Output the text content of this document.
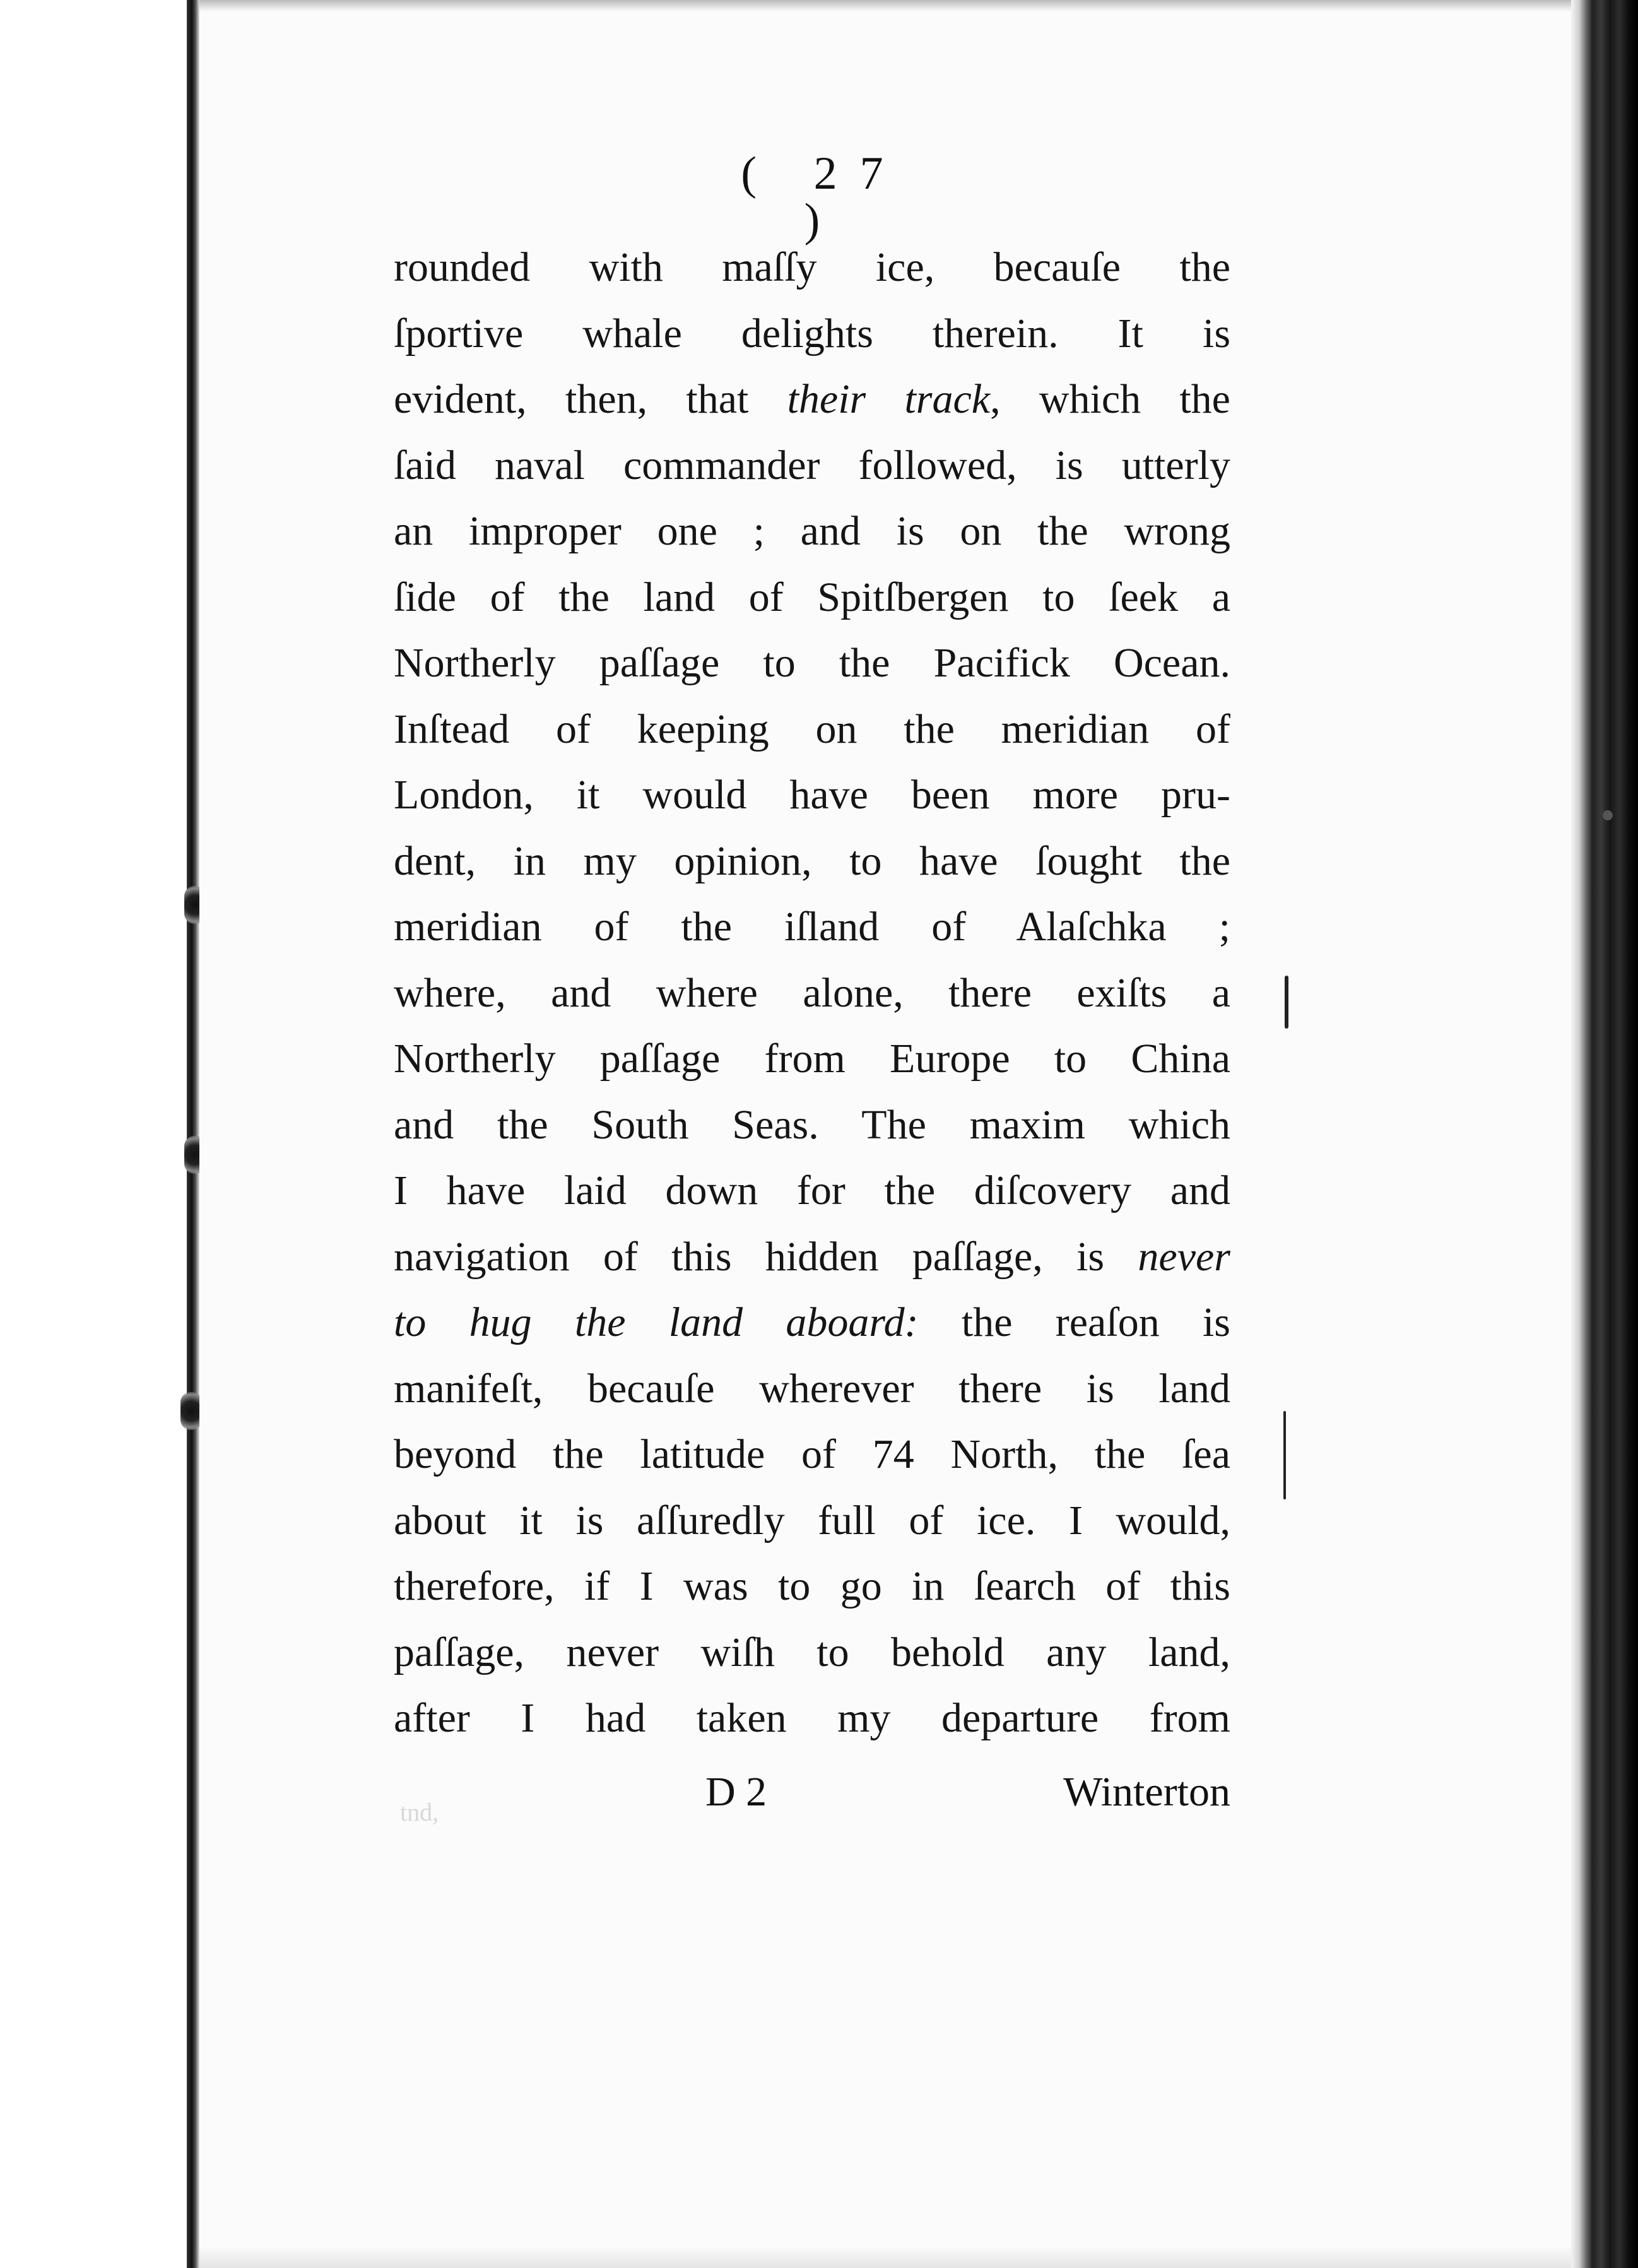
( 27 )
rounded with maſſy ice, becauſe the
ſportive whale delights therein. It is
evident, then, that their track, which the
ſaid naval commander followed, is utterly
an improper one ; and is on the wrong
ſide of the land of Spitſbergen to ſeek a
Northerly paſſage to the Pacifick Ocean.
Inſtead of keeping on the meridian of
London, it would have been more pru-
dent, in my opinion, to have ſought the
meridian of the iſland of Alaſchka ;
where, and where alone, there exiſts a
Northerly paſſage from Europe to China
and the South Seas. The maxim which
I have laid down for the diſcovery and
navigation of this hidden paſſage, is never
to hug the land aboard: the reaſon is
manifeſt, becauſe wherever there is land
beyond the latitude of 74 North, the ſea
about it is aſſuredly full of ice. I would,
therefore, if I was to go in ſearch of this
paſſage, never wiſh to behold any land,
after I had taken my departure from
tnd,	D 2	Winterton
